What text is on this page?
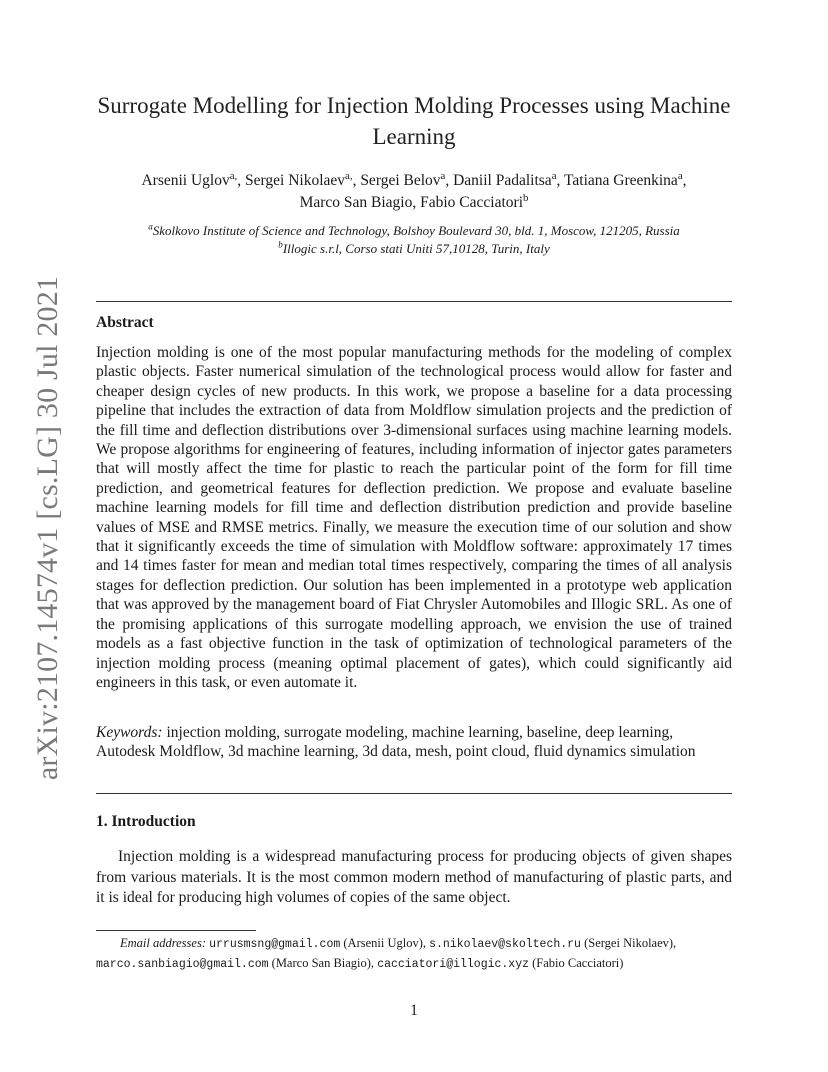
arXiv:2107.14574v1 [cs.LG] 30 Jul 2021
Surrogate Modelling for Injection Molding Processes using Machine
Learning
Arsenii Uglov$^{a,}$, Sergei Nikolaev$^{a,}$, Sergei Belov$^a$, Daniil Padalitsa$^a$, Tatiana Greenkina$^a$,
Marco San Biagio, Fabio Cacciatori$^b$
$^a$Skolkovo Institute of Science and Technology, Bolshoy Boulevard 30, bld. 1, Moscow, 121205, Russia
$^b$Illogic s.r.l, Corso stati Uniti 57,10128, Turin, Italy
Abstract
Injection molding is one of the most popular manufacturing methods for the modeling of complex plastic objects. Faster numerical simulation of the technological process would allow for faster and cheaper design cycles of new products. In this work, we propose a baseline for a data processing pipeline that includes the extraction of data from Moldflow simulation projects and the prediction of the fill time and deflection distributions over 3-dimensional surfaces using machine learning models. We propose algorithms for engineering of features, including information of injector gates parameters that will mostly affect the time for plastic to reach the particular point of the form for fill time prediction, and geometrical features for deflection prediction. We propose and evaluate baseline machine learning models for fill time and deflection distribution prediction and provide baseline values of MSE and RMSE metrics. Finally, we measure the execution time of our solution and show that it significantly exceeds the time of simulation with Moldflow software: approximately 17 times and 14 times faster for mean and median total times respectively, comparing the times of all analysis stages for deflection prediction. Our solution has been implemented in a prototype web application that was approved by the management board of Fiat Chrysler Automobiles and Illogic SRL. As one of the promising applications of this surrogate modelling approach, we envision the use of trained models as a fast objective function in the task of optimization of technological parameters of the injection molding process (meaning optimal placement of gates), which could significantly aid engineers in this task, or even automate it.
Keywords: injection molding, surrogate modeling, machine learning, baseline, deep learning, Autodesk Moldflow, 3d machine learning, 3d data, mesh, point cloud, fluid dynamics simulation
1. Introduction
Injection molding is a widespread manufacturing process for producing objects of given shapes from various materials. It is the most common modern method of manufacturing of plastic parts, and it is ideal for producing high volumes of copies of the same object.
Email addresses: urrusmsng@gmail.com (Arsenii Uglov), s.nikolaev@skoltech.ru (Sergei Nikolaev), marco.sanbiagio@gmail.com (Marco San Biagio), cacciatori@illogic.xyz (Fabio Cacciatori)
1
